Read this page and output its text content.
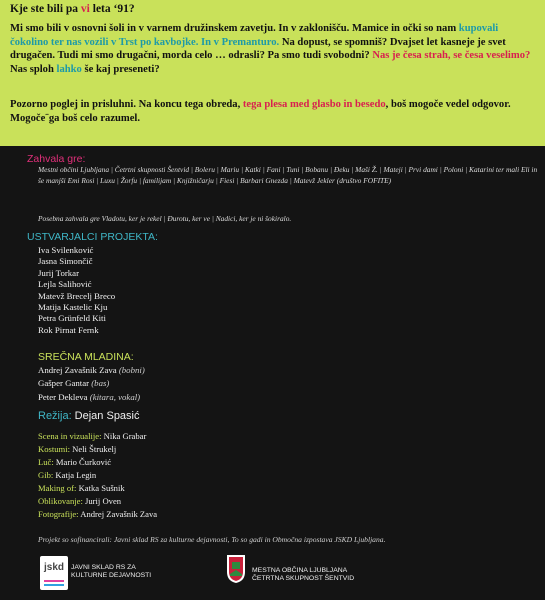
Kje ste bili pa vi leta ‘91?
Mi smo bili v osnovni šoli in v varnem družinskem zavetju. In v zaklonišču. Mamice in očki so nam kupovali čokolino ter nas vozili v Trst po kavbojke. In v Premanturo. Na dopust, se spomniš? Dvajset let kasneje je svet drugačen. Tudi mi smo drugačni, morda celo … odrasli? Pa smo tudi svobodni? Nas je česa strah, se česa veselimo? Nas sploh lahko še kaj preseneti?
Pozorno poglej in prisluhni. Na koncu tega obreda, tega plesa med glasbo in besedo, boš mogoče vedel odgovor. Mogoče¨ga boš celo razumel.
Zahvala gre:
Mestni občini Ljubljana | Četrtni skupnosti Šentvid | Boleru | Mariu | Katki | Fani | Tuni | Bobanu | Đeku | Maši Ž. | Mateji | Prvi dami | Poloni | Katarini ter mali Eli in še manjši Emi Rosi | Luxu | Žorfu | familijam | Knjižničarju | Fiesi | Barbari Gnezda | Matevž Jekler (društvo FOFITE)
Posebna zahvala gre Vladotu, ker je rekel | Đurotu, ker ve | Nadici, ker je ni šokiralo.
USTVARJALCI PROJEKTA:
Iva Svilenković
Jasna Simončič
Jurij Torkar
Lejla Salihović
Matevž Brecelj Breco
Matija Kastelic Kju
Petra Grünfeld Kiti
Rok Pirnat Fernk
SREČNA MLADINA:
Andrej Zavašnik Zava (bobni)
Gašper Gantar (bas)
Peter Dekleva (kitara, vokal)
Režija: Dejan Spasić
Scena in vizualije: Nika Grabar
Kostumi: Neli Štrukelj
Luč: Mario Čurković
Gib: Katja Legin
Making of: Katka Sušnik
Oblikovanje: Jurij Oven
Fotografije: Andrej Zavašnik Zava
Projekt so sofinancirali: Javni sklad RS za kulturne dejavnosti, To so gadi in Območna izpostava JSKD Ljubljana.
jskd JAVNI SKLAD RS ZA
KULTURNE DEJAVNOSTI
MESTNA OBČINA LJUBLJANA
ČETRTNA SKUPNOST ŠENTVID
